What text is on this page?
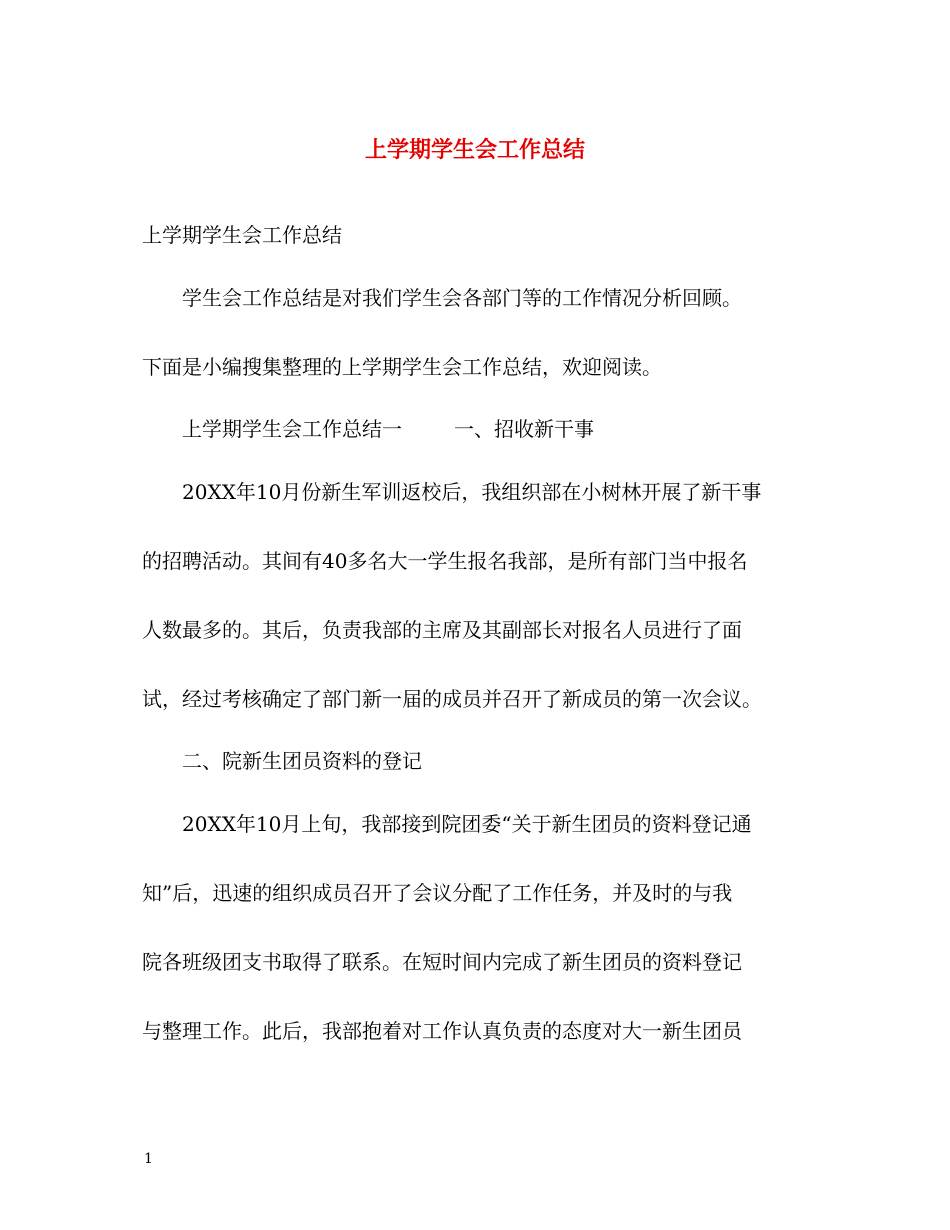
上学期学生会工作总结
上学期学生会工作总结
学生会工作总结是对我们学生会各部门等的工作情况分析回顾。
下面是小编搜集整理的上学期学生会工作总结，欢迎阅读。
上学期学生会工作总结一	一、招收新干事
20XX年10月份新生军训返校后，我组织部在小树林开展了新干事
的招聘活动。其间有40多名大一学生报名我部，是所有部门当中报名
人数最多的。其后，负责我部的主席及其副部长对报名人员进行了面
试，经过考核确定了部门新一届的成员并召开了新成员的第一次会议。
二、院新生团员资料的登记
20XX年10月上旬，我部接到院团委“关于新生团员的资料登记通
知”后，迅速的组织成员召开了会议分配了工作任务，并及时的与我
院各班级团支书取得了联系。在短时间内完成了新生团员的资料登记
与整理工作。此后，我部抱着对工作认真负责的态度对大一新生团员
1
